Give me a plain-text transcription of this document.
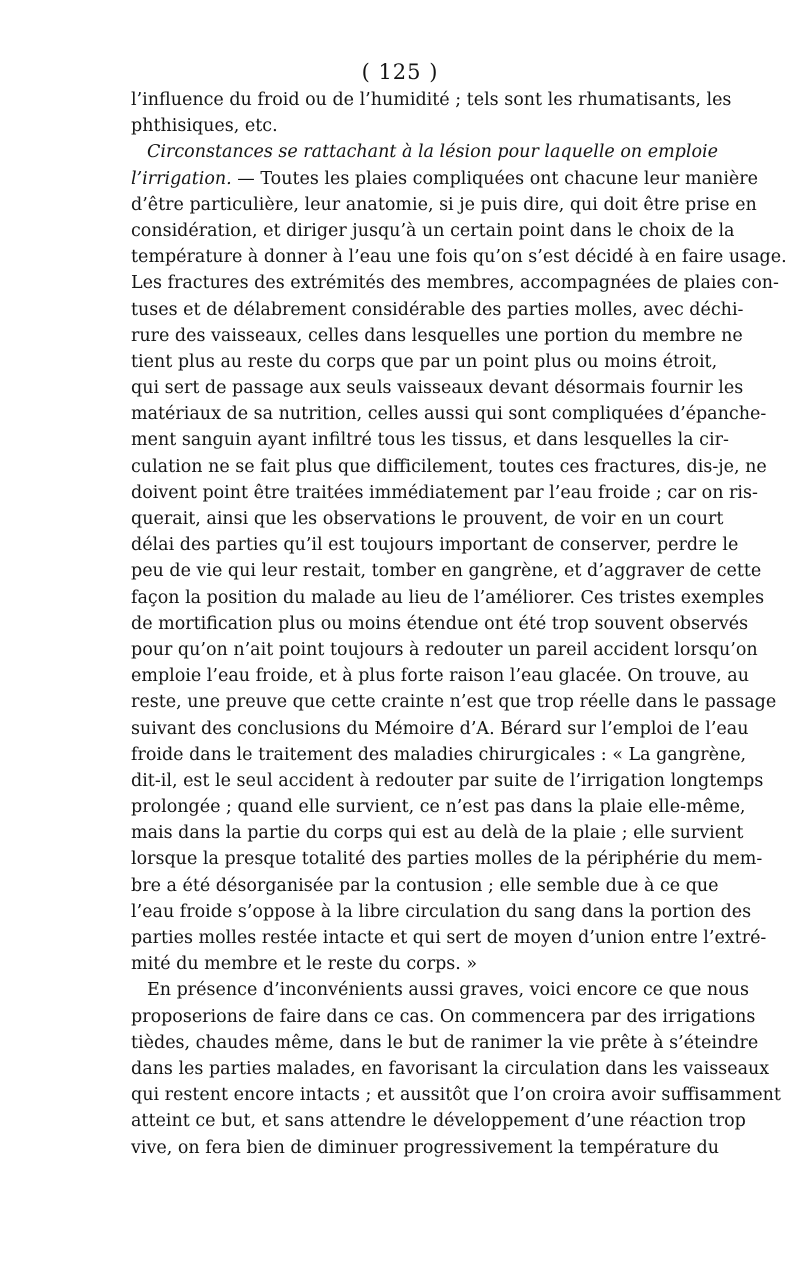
( 125 )
l’influence du froid ou de l’humidité ; tels sont les rhumatisants, les
phthisiques, etc.
Circonstances se rattachant à la lésion pour laquelle on emploie
l’irrigation. — Toutes les plaies compliquées ont chacune leur manière
d’être particulière, leur anatomie, si je puis dire, qui doit être prise en
considération, et diriger jusqu’à un certain point dans le choix de la
température à donner à l’eau une fois qu’on s’est décidé à en faire usage.
Les fractures des extrémités des membres, accompagnées de plaies con-
tuses et de délabrement considérable des parties molles, avec déchi-
rure des vaisseaux, celles dans lesquelles une portion du membre ne
tient plus au reste du corps que par un point plus ou moins étroit,
qui sert de passage aux seuls vaisseaux devant désormais fournir les
matériaux de sa nutrition, celles aussi qui sont compliquées d’épanche-
ment sanguin ayant infiltré tous les tissus, et dans lesquelles la cir-
culation ne se fait plus que difficilement, toutes ces fractures, dis-je, ne
doivent point être traitées immédiatement par l’eau froide ; car on ris-
querait, ainsi que les observations le prouvent, de voir en un court
délai des parties qu’il est toujours important de conserver, perdre le
peu de vie qui leur restait, tomber en gangrène, et d’aggraver de cette
façon la position du malade au lieu de l’améliorer. Ces tristes exemples
de mortification plus ou moins étendue ont été trop souvent observés
pour qu’on n’ait point toujours à redouter un pareil accident lorsqu’on
emploie l’eau froide, et à plus forte raison l’eau glacée. On trouve, au
reste, une preuve que cette crainte n’est que trop réelle dans le passage
suivant des conclusions du Mémoire d’A. Bérard sur l’emploi de l’eau
froide dans le traitement des maladies chirurgicales : « La gangrène,
dit-il, est le seul accident à redouter par suite de l’irrigation longtemps
prolongée ; quand elle survient, ce n’est pas dans la plaie elle-même,
mais dans la partie du corps qui est au delà de la plaie ; elle survient
lorsque la presque totalité des parties molles de la périphérie du mem-
bre a été désorganisée par la contusion ; elle semble due à ce que
l’eau froide s’oppose à la libre circulation du sang dans la portion des
parties molles restée intacte et qui sert de moyen d’union entre l’extré-
mité du membre et le reste du corps. »
En présence d’inconvénients aussi graves, voici encore ce que nous
proposerions de faire dans ce cas. On commencera par des irrigations
tièdes, chaudes même, dans le but de ranimer la vie prête à s’éteindre
dans les parties malades, en favorisant la circulation dans les vaisseaux
qui restent encore intacts ; et aussitôt que l’on croira avoir suffisamment
atteint ce but, et sans attendre le développement d’une réaction trop
vive, on fera bien de diminuer progressivement la température du
